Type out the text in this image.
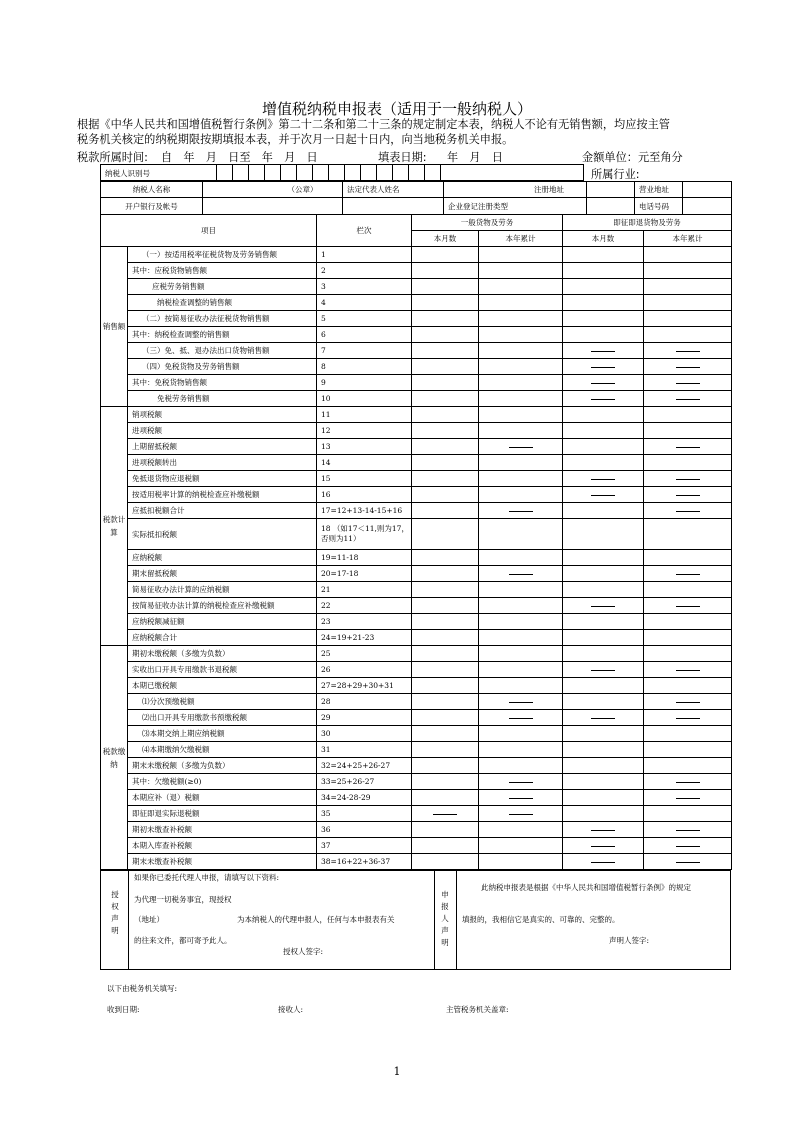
增值税纳税申报表（适用于一般纳税人）
根据《中华人民共和国增值税暂行条例》第二十二条和第二十三条的规定制定本表，纳税人不论有无销售额，均应按主管
税务机关核定的纳税期限按期填报本表，并于次月一日起十日内，向当地税务机关申报。
税款所属时间: 自　年　月　日至　年　月　日	填表日期: 年　月　日	金额单位：元至角分
纳税人识别号	所属行业:
纳税人名称	（公章）	法定代表人姓名	注册地址		营业地址	
开户银行及帐号			企业登记注册类型		电话号码	
项目		栏次	一般货物及劳务		即征即退货物及劳务	
			本月数	本年累计	本月数	本年累计
销售额	（一）按适用税率征税货物及劳务销售额	1				
	其中：应税货物销售额	2				
	应税劳务销售额	3				
	纳税检查调整的销售额	4				
	（二）按简易征收办法征税货物销售额	5				
	其中：纳税检查调整的销售额	6				
	（三）免、抵、退办法出口货物销售额	7				
	（四）免税货物及劳务销售额	8				
	其中：免税货物销售额	9				
	免税劳务销售额	10				
税款计算	销项税额	11				
	进项税额	12				
	上期留抵税额	13				
	进项税额转出	14				
	免抵退货物应退税额	15				
	按适用税率计算的纳税检查应补缴税额	16				
	应抵扣税额合计	17=12+13-14-15+16				
	实际抵扣税额	18 （如17＜11,则为17，否则为11）				
	应纳税额	19=11-18				
	期末留抵税额	20=17-18				
	简易征收办法计算的应纳税额	21				
	按简易征收办法计算的纳税检查应补缴税额	22				
	应纳税额减征额	23				
	应纳税额合计	24=19+21-23				
税款缴纳	期初未缴税额（多缴为负数）	25				
	实收出口开具专用缴款书退税额	26				
	本期已缴税额	27=28+29+30+31				
	⑴分次预缴税额	28				
	⑵出口开具专用缴款书预缴税额	29				
	⑶本期交纳上期应纳税额	30				
	⑷本期缴纳欠缴税额	31				
	期末未缴税额（多缴为负数）	32=24+25+26-27				
	其中：欠缴税额(≥0)	33=25+26-27				
	本期应补（退）税额	34=24-28-29				
	即征即退实际退税额	35				
	期初未缴查补税额	36				
	本期入库查补税额	37				
	期末未缴查补税额	38=16+22+36-37				
授权声明
如果你已委托代理人申报，请填写以下资料:
为代理一切税务事宜，现授权
（地址）	为本纳税人的代理申报人，任何与本申报表有关
的往来文件，都可寄予此人。
授权人签字:
申报人声明
此纳税申报表是根据《中华人民共和国增值税暂行条例》的规定
填报的，我相信它是真实的、可靠的、完整的。
声明人签字:
以下由税务机关填写:
收到日期:	接收人:	主管税务机关盖章:
1
